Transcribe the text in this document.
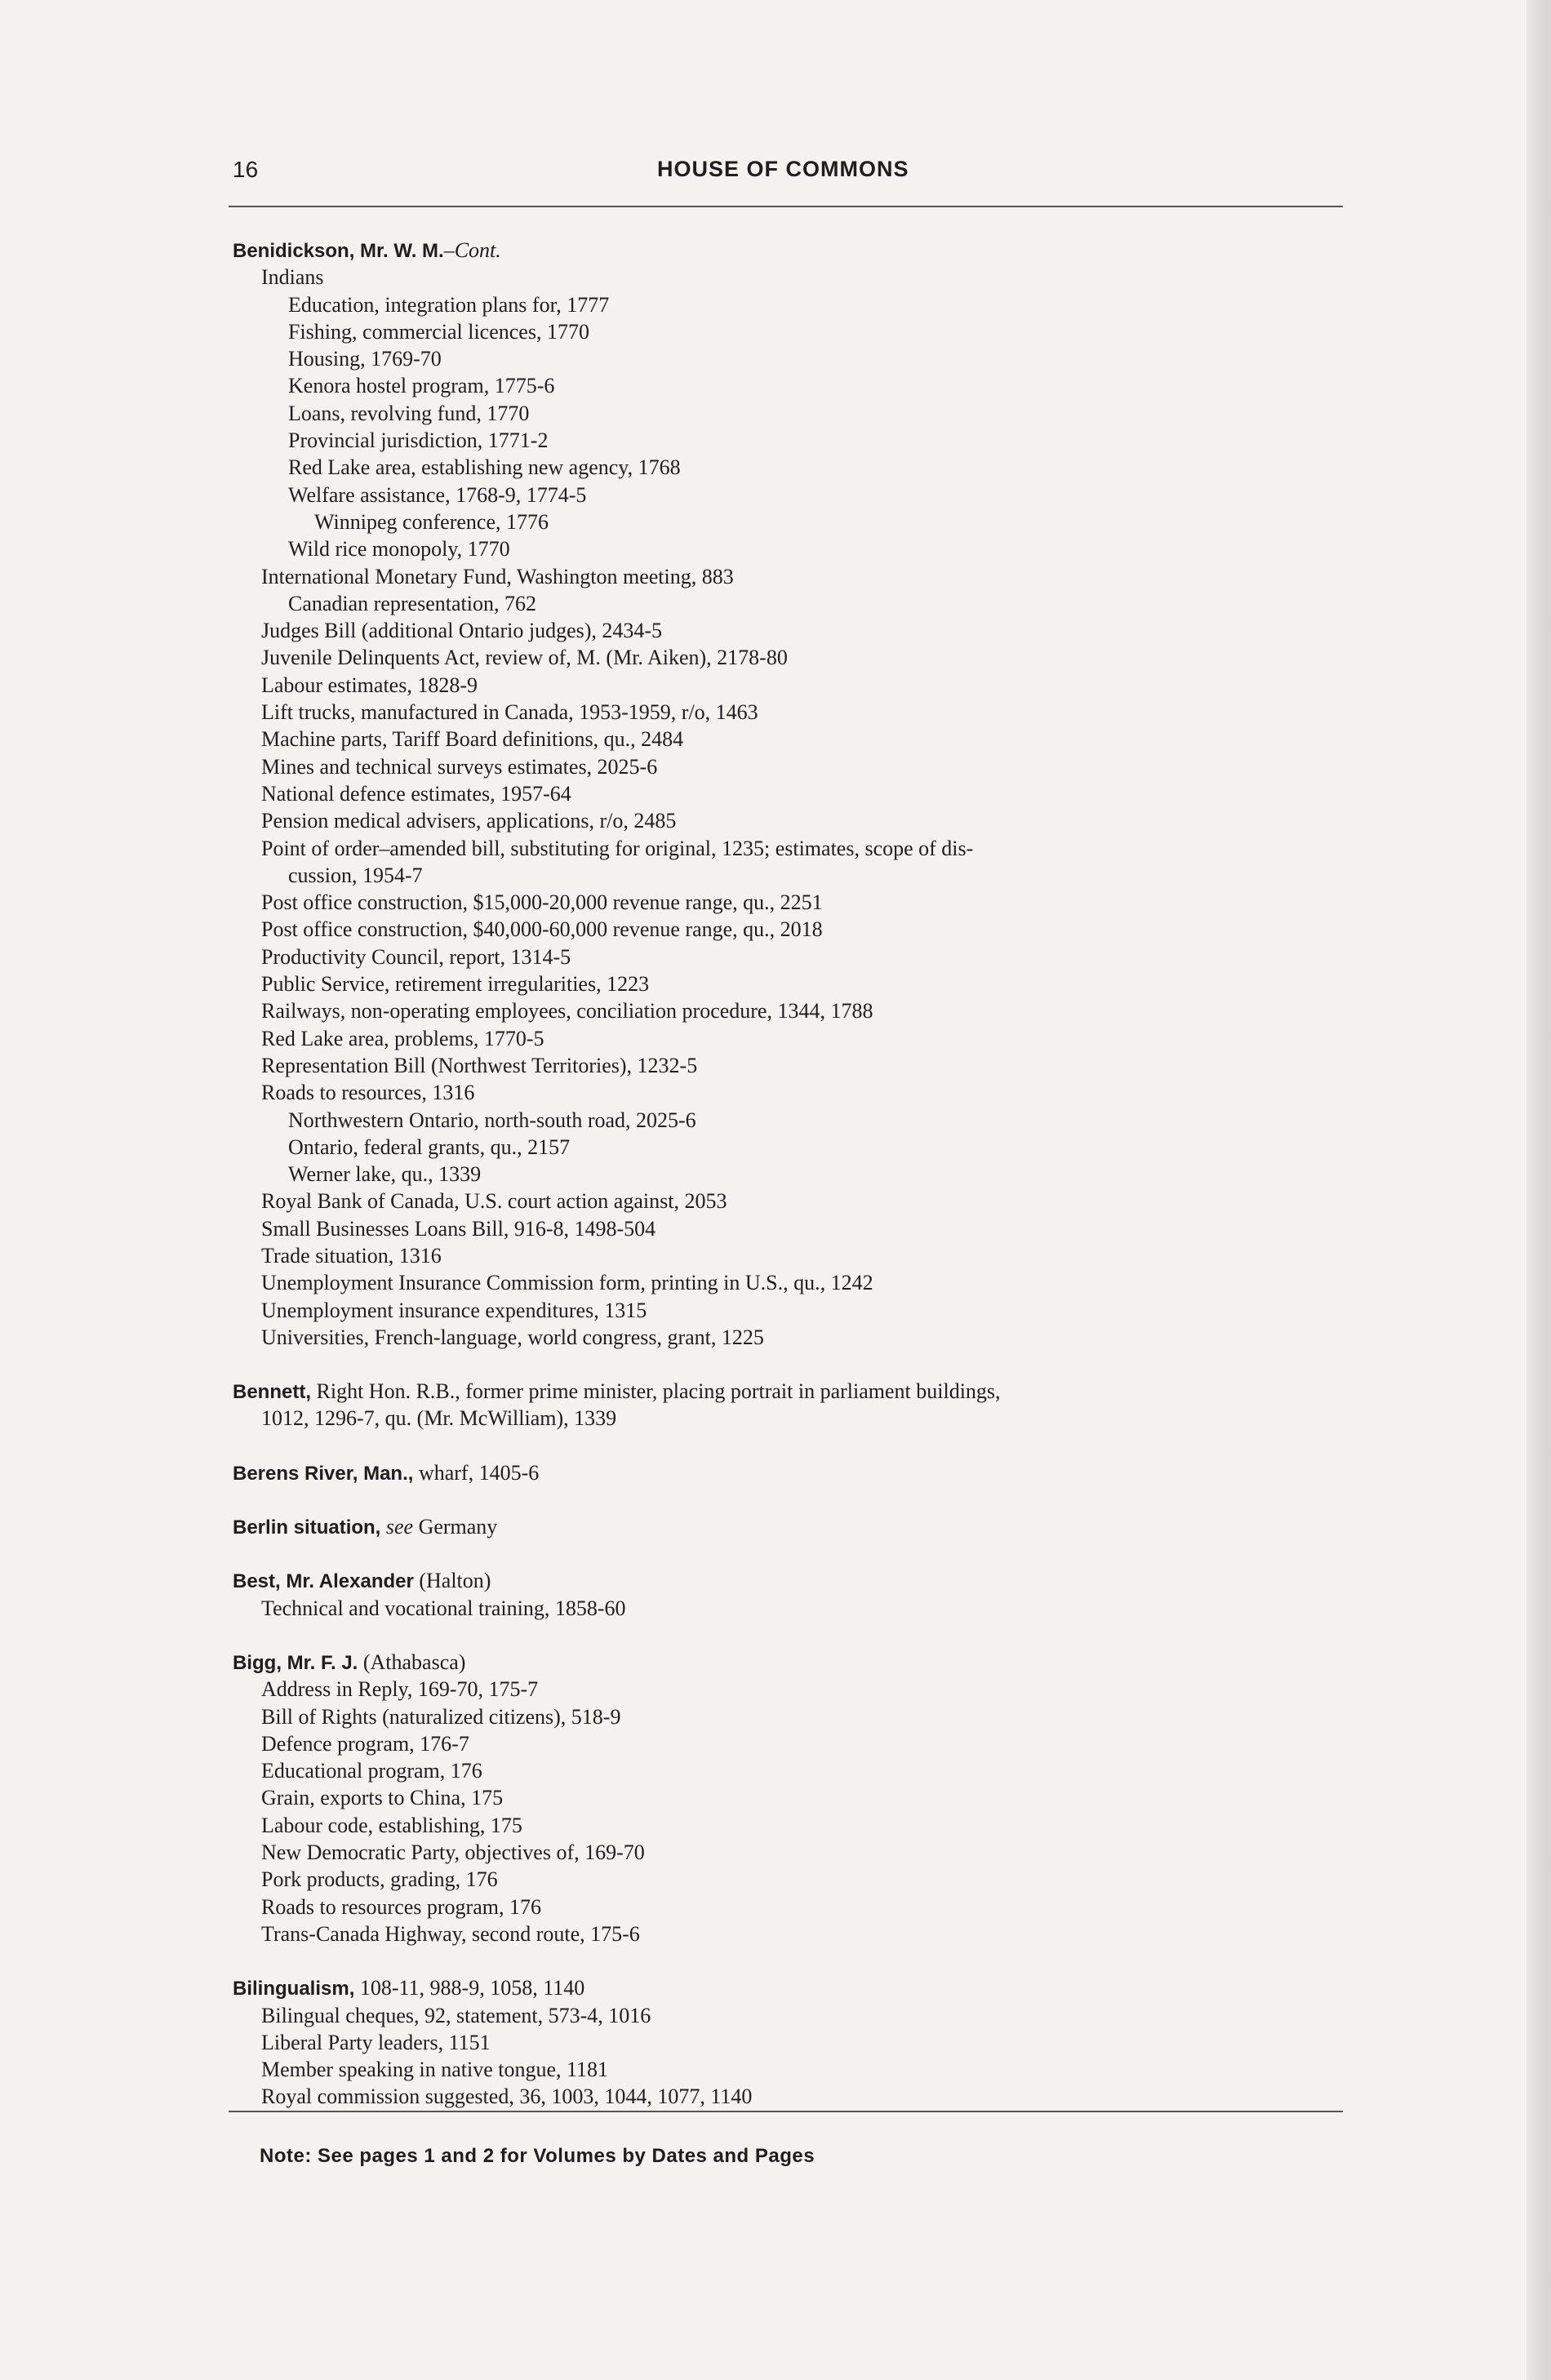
16	HOUSE OF COMMONS
Benidickson, Mr. W. M.–Cont.
Indians
Education, integration plans for, 1777
Fishing, commercial licences, 1770
Housing, 1769-70
Kenora hostel program, 1775-6
Loans, revolving fund, 1770
Provincial jurisdiction, 1771-2
Red Lake area, establishing new agency, 1768
Welfare assistance, 1768-9, 1774-5
Winnipeg conference, 1776
Wild rice monopoly, 1770
International Monetary Fund, Washington meeting, 883
Canadian representation, 762
Judges Bill (additional Ontario judges), 2434-5
Juvenile Delinquents Act, review of, M. (Mr. Aiken), 2178-80
Labour estimates, 1828-9
Lift trucks, manufactured in Canada, 1953-1959, r/o, 1463
Machine parts, Tariff Board definitions, qu., 2484
Mines and technical surveys estimates, 2025-6
National defence estimates, 1957-64
Pension medical advisers, applications, r/o, 2485
Point of order–amended bill, substituting for original, 1235; estimates, scope of dis-
cussion, 1954-7
Post office construction, $15,000-20,000 revenue range, qu., 2251
Post office construction, $40,000-60,000 revenue range, qu., 2018
Productivity Council, report, 1314-5
Public Service, retirement irregularities, 1223
Railways, non-operating employees, conciliation procedure, 1344, 1788
Red Lake area, problems, 1770-5
Representation Bill (Northwest Territories), 1232-5
Roads to resources, 1316
Northwestern Ontario, north-south road, 2025-6
Ontario, federal grants, qu., 2157
Werner lake, qu., 1339
Royal Bank of Canada, U.S. court action against, 2053
Small Businesses Loans Bill, 916-8, 1498-504
Trade situation, 1316
Unemployment Insurance Commission form, printing in U.S., qu., 1242
Unemployment insurance expenditures, 1315
Universities, French-language, world congress, grant, 1225
Bennett, Right Hon. R.B., former prime minister, placing portrait in parliament buildings,
1012, 1296-7, qu. (Mr. McWilliam), 1339
Berens River, Man., wharf, 1405-6
Berlin situation, see Germany
Best, Mr. Alexander (Halton)
Technical and vocational training, 1858-60
Bigg, Mr. F. J. (Athabasca)
Address in Reply, 169-70, 175-7
Bill of Rights (naturalized citizens), 518-9
Defence program, 176-7
Educational program, 176
Grain, exports to China, 175
Labour code, establishing, 175
New Democratic Party, objectives of, 169-70
Pork products, grading, 176
Roads to resources program, 176
Trans-Canada Highway, second route, 175-6
Bilingualism, 108-11, 988-9, 1058, 1140
Bilingual cheques, 92, statement, 573-4, 1016
Liberal Party leaders, 1151
Member speaking in native tongue, 1181
Royal commission suggested, 36, 1003, 1044, 1077, 1140
Note: See pages 1 and 2 for Volumes by Dates and Pages
